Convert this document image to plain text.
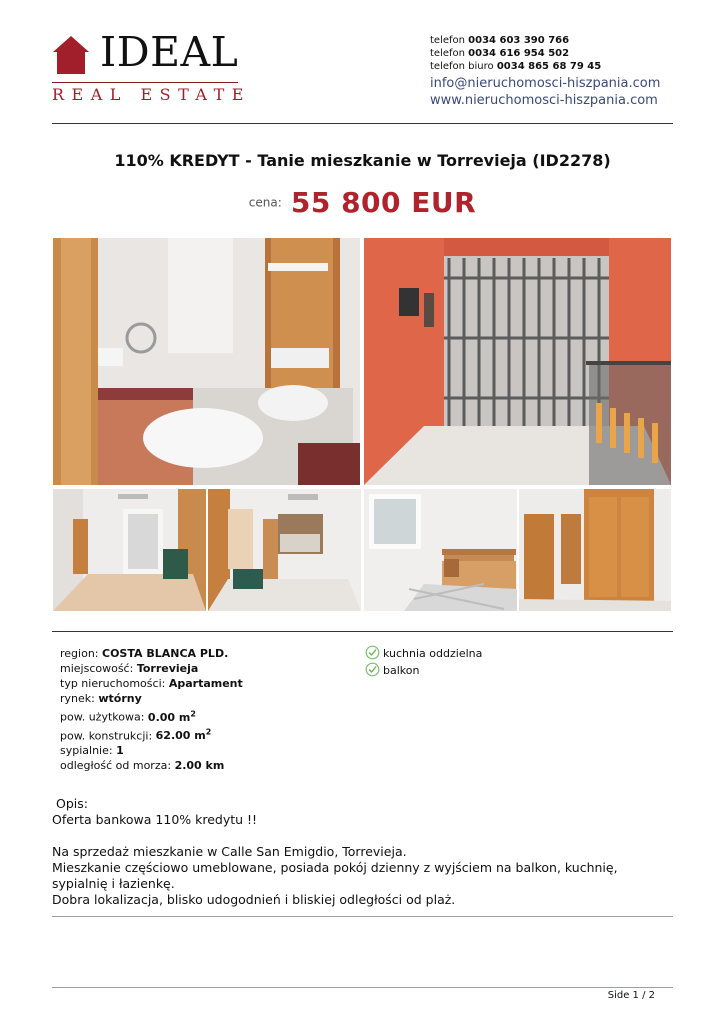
IDEAL
REAL ESTATE
telefon 0034 603 390 766
telefon 0034 616 954 502
telefon biuro 0034 865 68 79 45
info@nieruchomosci-hiszpania.com
www.nieruchomosci-hiszpania.com
110% KREDYT - Tanie mieszkanie w Torrevieja (ID2278)
cena: 55 800 EUR
region: COSTA BLANCA PLD.
miejscowość: Torrevieja
typ nieruchomości: Apartament
rynek: wtórny
pow. użytkowa: 0.00 $m^2$
pow. konstrukcji: 62.00 $m^2$
sypialnie: 1
odległość od morza: 2.00 km
kuchnia oddzielna
balkon

Opis:

Oferta bankowa 110% kredytu !!

Na sprzedaż mieszkanie w Calle San Emigdio, Torrevieja.

Mieszkanie częściowo umeblowane, posiada pokój dzienny z wyjściem na balkon, kuchnię, sypialnię i łazienkę.

Dobra lokalizacja, blisko udogodnień i bliskiej odległości od plaż.

Side 1 / 2
